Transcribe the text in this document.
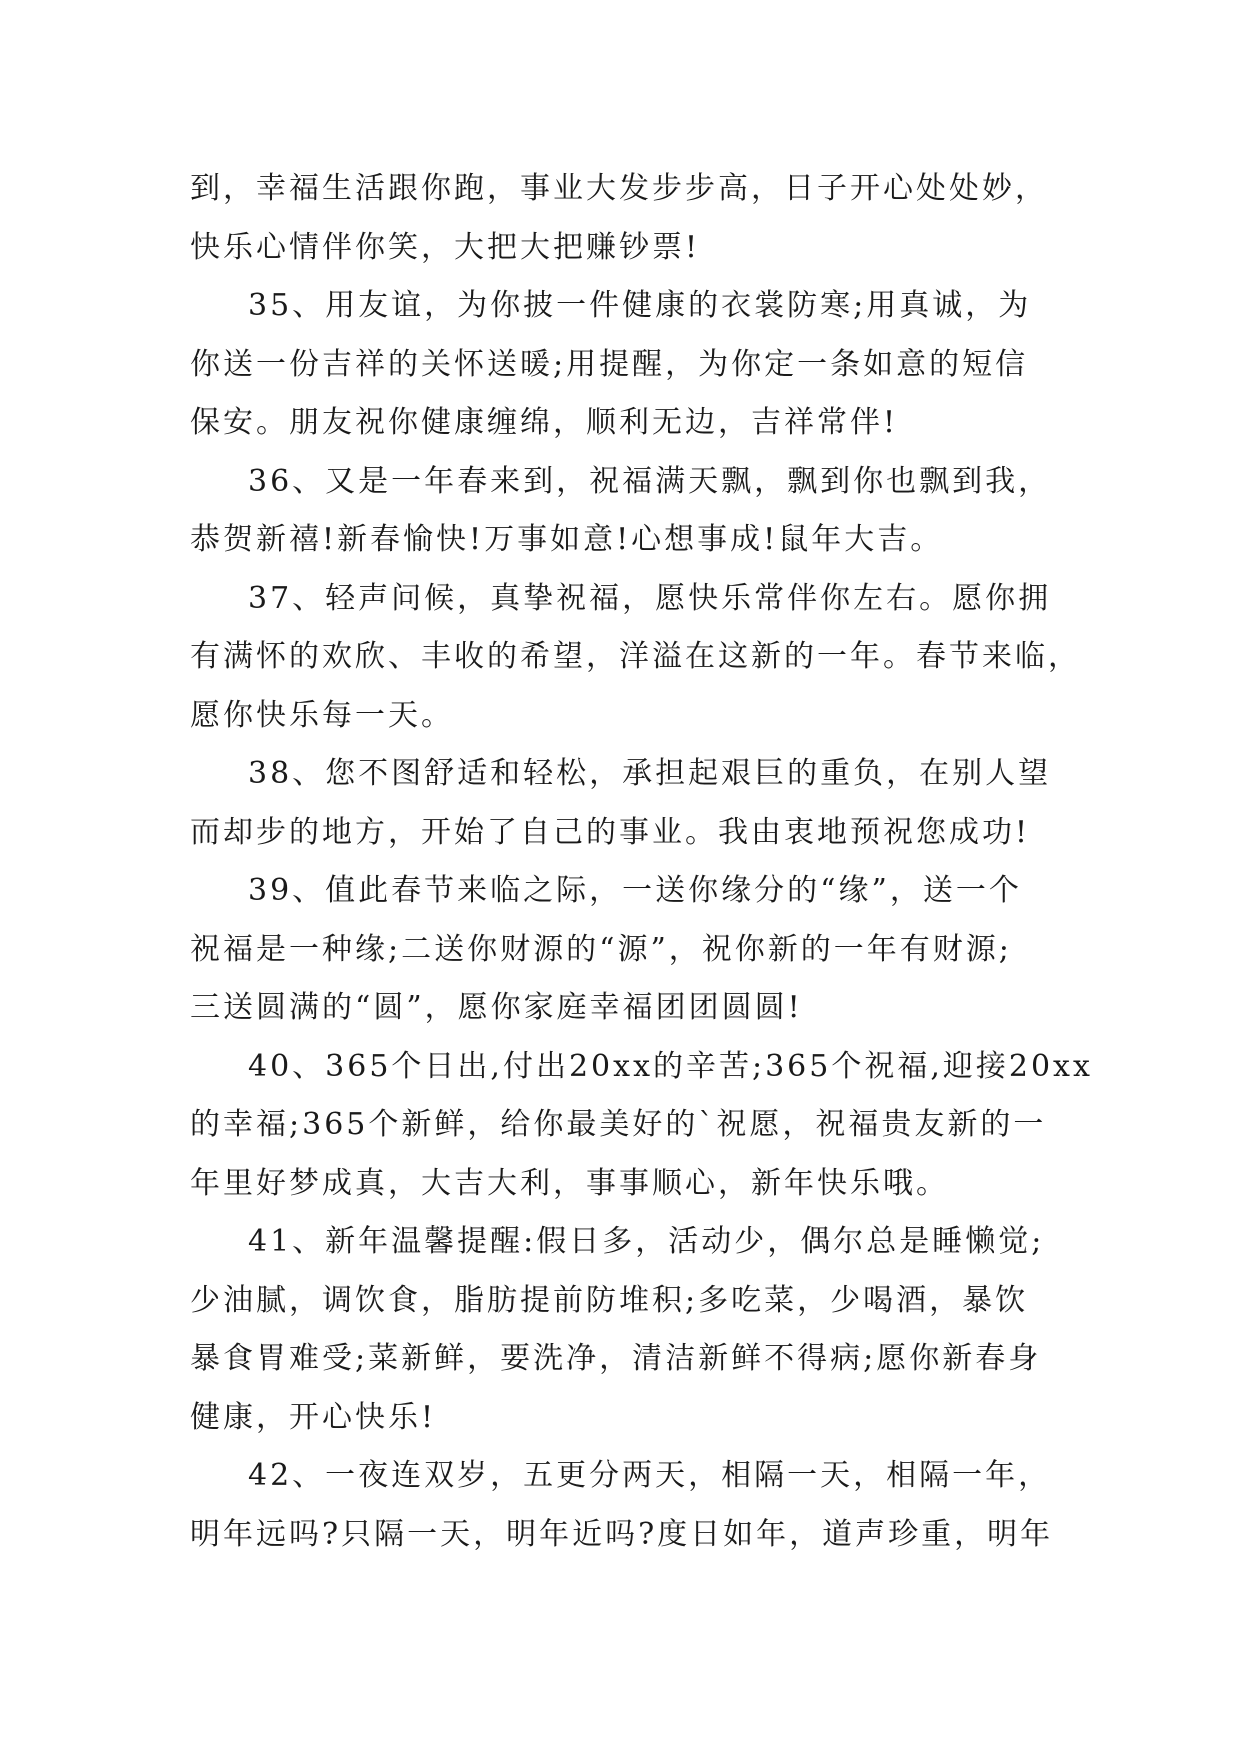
到，幸福生活跟你跑，事业大发步步高，日子开心处处妙，
快乐心情伴你笑，大把大把赚钞票!

35、用友谊，为你披一件健康的衣裳防寒;用真诚，为
你送一份吉祥的关怀送暖;用提醒，为你定一条如意的短信
保安。朋友祝你健康缠绵，顺利无边，吉祥常伴!

36、又是一年春来到，祝福满天飘，飘到你也飘到我，
恭贺新禧!新春愉快!万事如意!心想事成!鼠年大吉。

37、轻声问候，真挚祝福，愿快乐常伴你左右。愿你拥
有满怀的欢欣、丰收的希望，洋溢在这新的一年。春节来临，
愿你快乐每一天。

38、您不图舒适和轻松，承担起艰巨的重负，在别人望
而却步的地方，开始了自己的事业。我由衷地预祝您成功!

39、值此春节来临之际，一送你缘分的“缘”，送一个
祝福是一种缘;二送你财源的“源”，祝你新的一年有财源;
三送圆满的“圆”，愿你家庭幸福团团圆圆!

40、365个日出,付出20xx的辛苦;365个祝福,迎接20xx
的幸福;365个新鲜，给你最美好的`祝愿，祝福贵友新的一
年里好梦成真，大吉大利，事事顺心，新年快乐哦。

41、新年温馨提醒:假日多，活动少，偶尔总是睡懒觉;
少油腻，调饮食，脂肪提前防堆积;多吃菜，少喝酒，暴饮
暴食胃难受;菜新鲜，要洗净，清洁新鲜不得病;愿你新春身
健康，开心快乐!

42、一夜连双岁，五更分两天，相隔一天，相隔一年，
明年远吗?只隔一天，明年近吗?度日如年，道声珍重，明年
